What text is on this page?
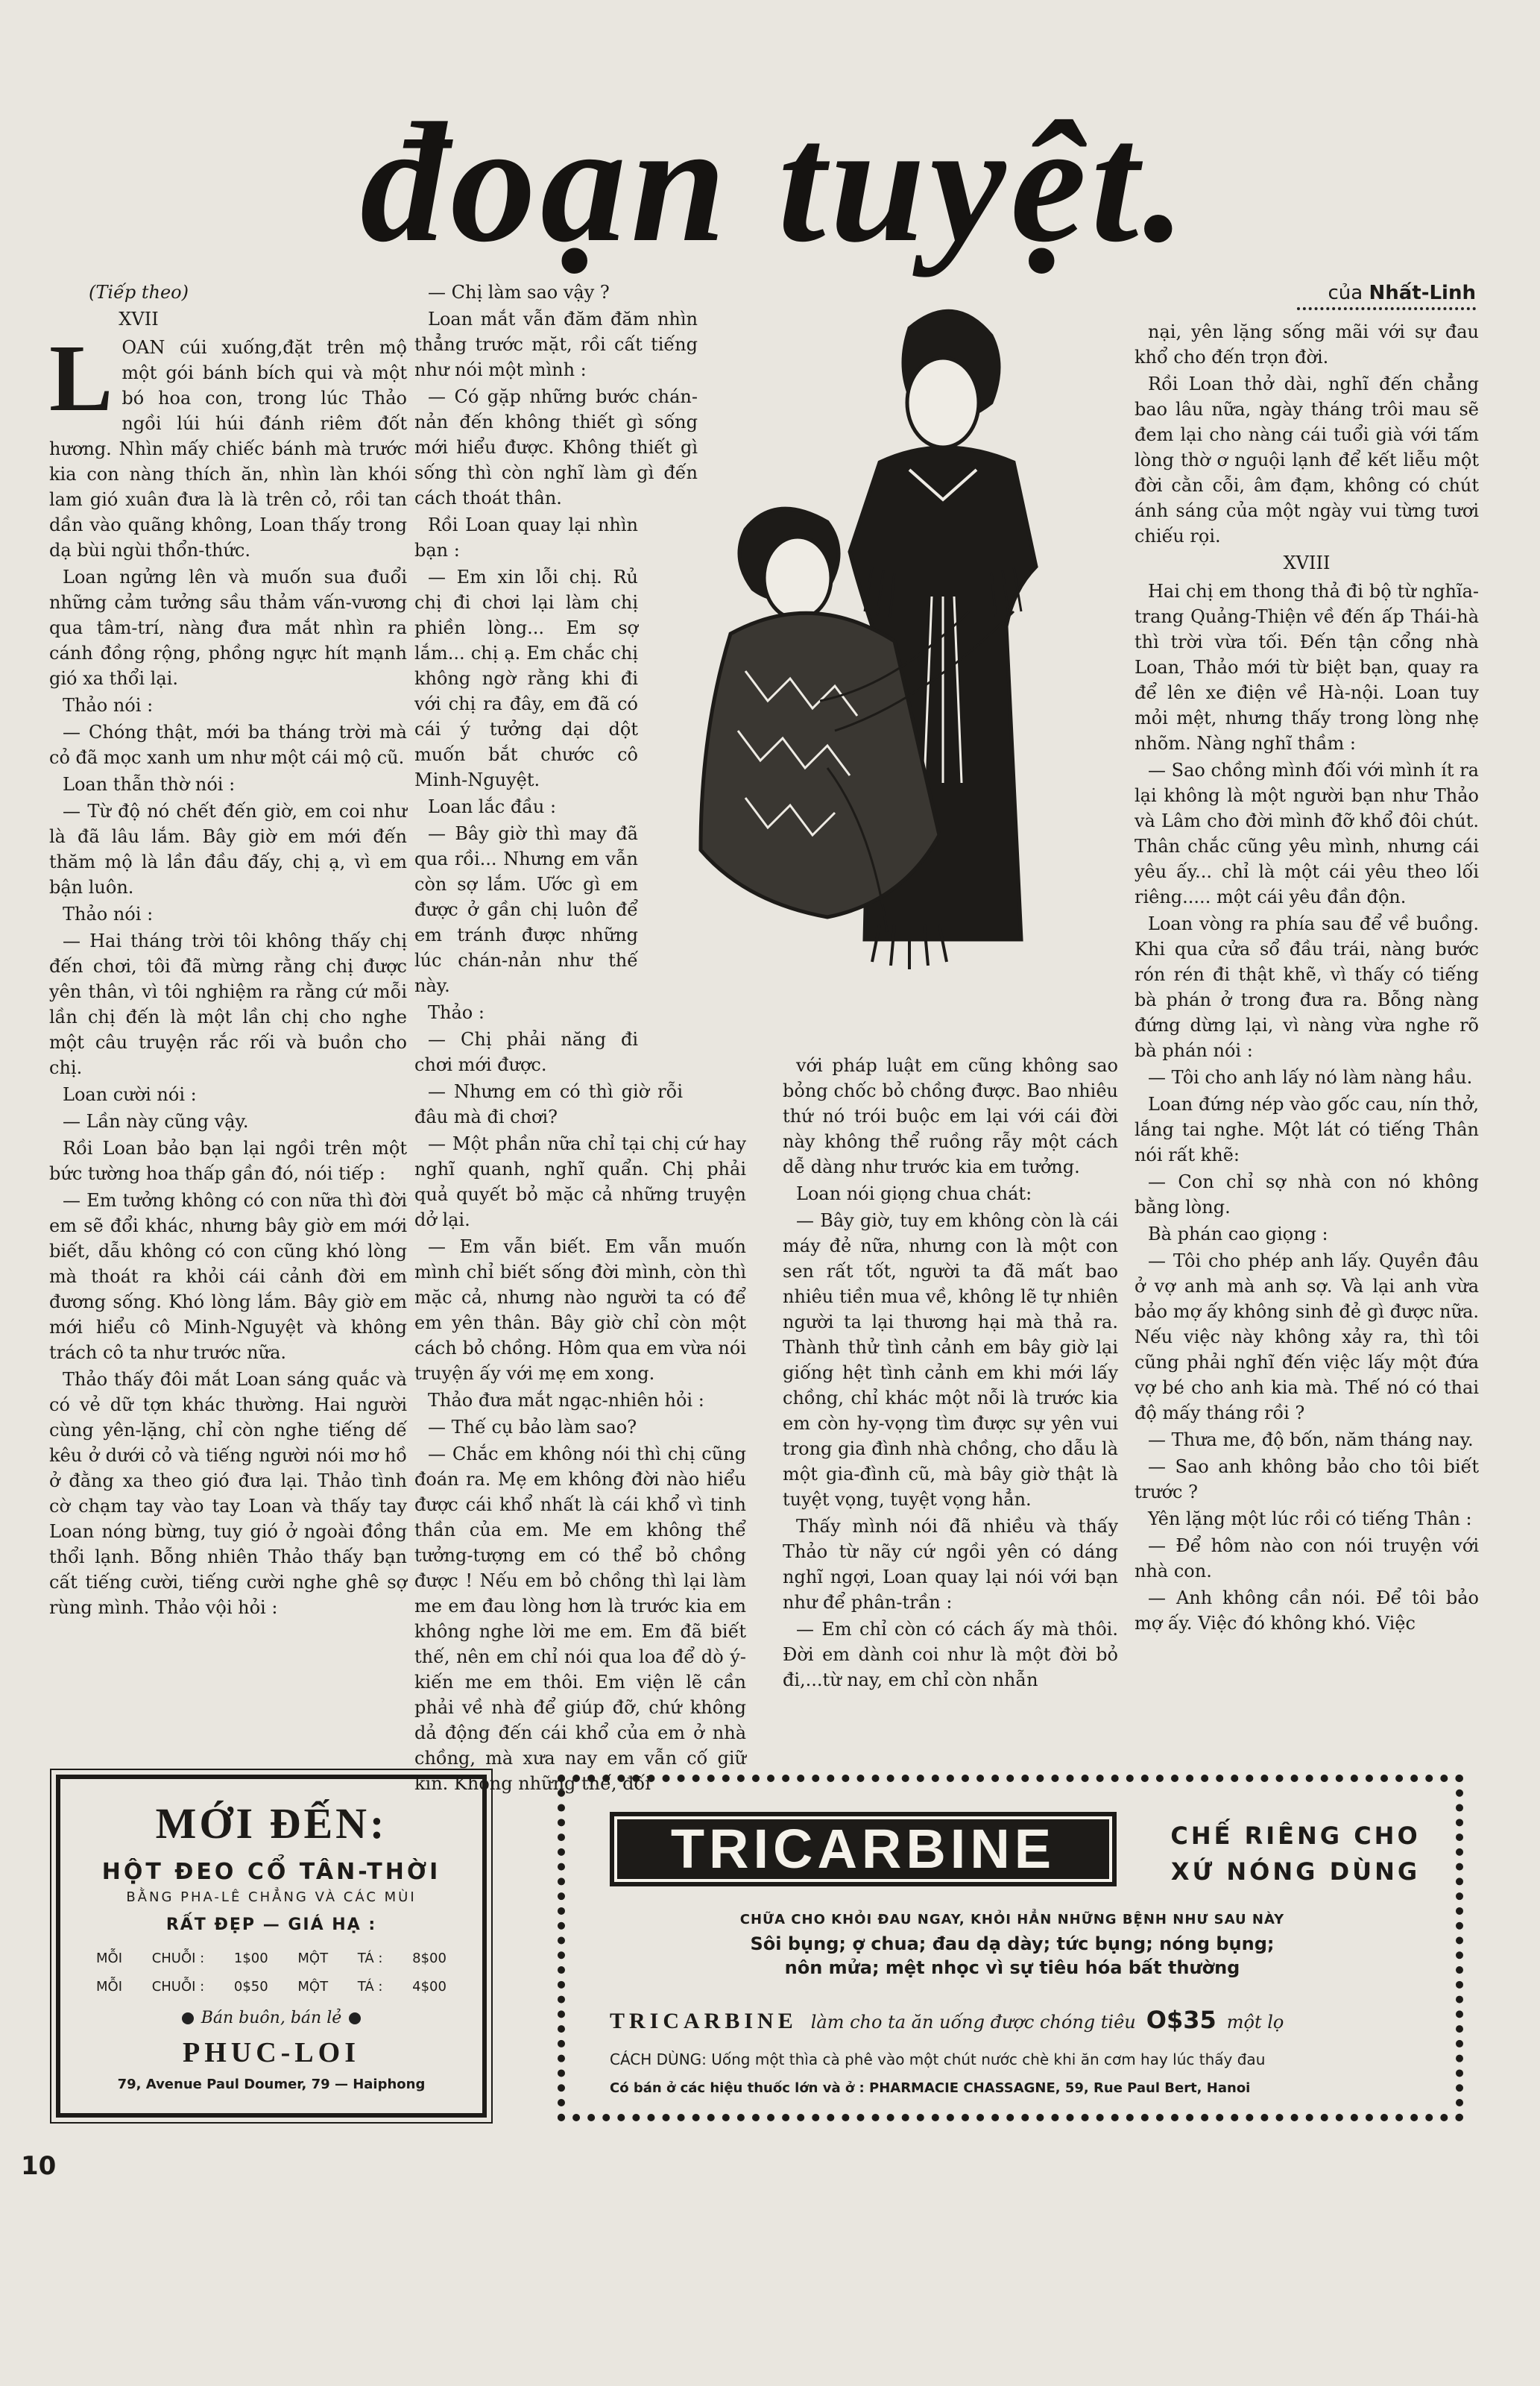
đoạn tuyệt.
của Nhất-Linh
(Tiếp theo)
XVII

LOAN cúi xuống,đặt trên mộ một gói bánh bích qui và một bó hoa con, trong lúc Thảo ngồi lúi húi đánh riêm đốt hương. Nhìn mấy chiếc bánh mà trước kia con nàng thích ăn, nhìn làn khói lam gió xuân đưa là là trên cỏ, rồi tan dần vào quãng không, Loan thấy trong dạ bùi ngùi thổn-thức.

Loan ngửng lên và muốn sua đuổi những cảm tưởng sầu thảm vấn-vương qua tâm-trí, nàng đưa mắt nhìn ra cánh đồng rộng, phồng ngực hít mạnh gió xa thổi lại.

Thảo nói :

— Chóng thật, mới ba tháng trời mà cỏ đã mọc xanh um như một cái mộ cũ.

Loan thẫn thờ nói :

— Từ độ nó chết đến giờ, em coi như là đã lâu lắm. Bây giờ em mới đến thăm mộ là lần đầu đấy, chị ạ, vì em bận luôn.

Thảo nói :

— Hai tháng trời tôi không thấy chị đến chơi, tôi đã mừng rằng chị được yên thân, vì tôi nghiệm ra rằng cứ mỗi lần chị đến là một lần chị cho nghe một câu truyện rắc rối và buồn cho chị.

Loan cười nói :

— Lần này cũng vậy.

Rồi Loan bảo bạn lại ngồi trên một bức tường hoa thấp gần đó, nói tiếp :

— Em tưởng không có con nữa thì đời em sẽ đổi khác, nhưng bây giờ em mới biết, dẫu không có con cũng khó lòng mà thoát ra khỏi cái cảnh đời em đương sống. Khó lòng lắm. Bây giờ em mới hiểu cô Minh-Nguyệt và không trách cô ta như trước nữa.

Thảo thấy đôi mắt Loan sáng quắc và có vẻ dữ tợn khác thường. Hai người cùng yên-lặng, chỉ còn nghe tiếng dế kêu ở dưới cỏ và tiếng người nói mơ hồ ở đằng xa theo gió đưa lại. Thảo tình cờ chạm tay vào tay Loan và thấy tay Loan nóng bừng, tuy gió ở ngoài đồng thổi lạnh. Bỗng nhiên Thảo thấy bạn cất tiếng cười, tiếng cười nghe ghê sợ rùng mình. Thảo vội hỏi :

— Chị làm sao vậy ?

Loan mắt vẫn đăm đăm nhìn thẳng trước mặt, rồi cất tiếng như nói một mình :

— Có gặp những bước chán-nản đến không thiết gì sống mới hiểu được. Không thiết gì sống thì còn nghĩ làm gì đến cách thoát thân.

Rồi Loan quay lại nhìn bạn :

— Em xin lỗi chị. Rủ chị đi chơi lại làm chị phiền lòng... Em sợ lắm... chị ạ. Em chắc chị không ngờ rằng khi đi với chị ra đây, em đã có cái ý tưởng dại dột muốn bắt chước cô Minh-Nguyệt.

Loan lắc đầu :

— Bây giờ thì may đã qua rồi... Nhưng em vẫn còn sợ lắm. Ước gì em được ở gần chị luôn để em tránh được những lúc chán-nản như thế này.

Thảo :

— Chị phải năng đi chơi mới được.

— Nhưng em có thì giờ rỗi đâu mà đi chơi?

— Một phần nữa chỉ tại chị cứ hay nghĩ quanh, nghĩ quẩn. Chị phải quả quyết bỏ mặc cả những truyện dở lại.

— Em vẫn biết. Em vẫn muốn mình chỉ biết sống đời mình, còn thì mặc cả, nhưng nào người ta có để em yên thân. Bây giờ chỉ còn một cách bỏ chồng. Hôm qua em vừa nói truyện ấy với mẹ em xong.

Thảo đưa mắt ngạc-nhiên hỏi :

— Thế cụ bảo làm sao?

— Chắc em không nói thì chị cũng đoán ra. Mẹ em không đời nào hiểu được cái khổ nhất là cái khổ vì tinh thần của em. Me em không thể tưởng-tượng em có thể bỏ chồng được ! Nếu em bỏ chồng thì lại làm me em đau lòng hơn là trước kia em không nghe lời me em. Em đã biết thế, nên em chỉ nói qua loa để dò ý-kiến me em thôi. Em viện lẽ cần phải về nhà để giúp đỡ, chứ không dả động đến cái khổ của em ở nhà chồng, mà xưa nay em vẫn cố giữ kín. Không những thế, đối

với pháp luật em cũng không sao bỏng chốc bỏ chồng được. Bao nhiêu thứ nó trói buộc em lại với cái đời này không thể ruồng rẫy một cách dễ dàng như trước kia em tưởng.

Loan nói giọng chua chát:

— Bây giờ, tuy em không còn là cái máy đẻ nữa, nhưng con là một con sen rất tốt, người ta đã mất bao nhiêu tiền mua về, không lẽ tự nhiên người ta lại thương hại mà thả ra. Thành thử tình cảnh em bây giờ lại giống hệt tình cảnh em khi mới lấy chồng, chỉ khác một nỗi là trước kia em còn hy-vọng tìm được sự yên vui trong gia đình nhà chồng, cho dẫu là một gia-đình cũ, mà bây giờ thật là tuyệt vọng, tuyệt vọng hẳn.

Thấy mình nói đã nhiều và thấy Thảo từ nãy cứ ngồi yên có dáng nghĩ ngợi, Loan quay lại nói với bạn như để phân-trần :

— Em chỉ còn có cách ấy mà thôi. Đời em dành coi như là một đời bỏ đi,...từ nay, em chỉ còn nhẫn

nại, yên lặng sống mãi với sự đau khổ cho đến trọn đời.

Rồi Loan thở dài, nghĩ đến chẳng bao lâu nữa, ngày tháng trôi mau sẽ đem lại cho nàng cái tuổi già với tấm lòng thờ ơ nguội lạnh để kết liễu một đời cằn cỗi, âm đạm, không có chút ánh sáng của một ngày vui từng tươi chiếu rọi.

XVIII

Hai chị em thong thả đi bộ từ nghĩa-trang Quảng-Thiện về đến ấp Thái-hà thì trời vừa tối. Đến tận cổng nhà Loan, Thảo mới từ biệt bạn, quay ra để lên xe điện về Hà-nội. Loan tuy mỏi mệt, nhưng thấy trong lòng nhẹ nhõm. Nàng nghĩ thầm :

— Sao chồng mình đối với mình ít ra lại không là một người bạn như Thảo và Lâm cho đời mình đỡ khổ đôi chút. Thân chắc cũng yêu mình, nhưng cái yêu ấy... chỉ là một cái yêu theo lối riêng..... một cái yêu đần độn.

Loan vòng ra phía sau để về buồng. Khi qua cửa sổ đầu trái, nàng bước rón rén đi thật khẽ, vì thấy có tiếng bà phán ở trong đưa ra. Bỗng nàng đứng dừng lại, vì nàng vừa nghe rõ bà phán nói :

— Tôi cho anh lấy nó làm nàng hầu.

Loan đứng nép vào gốc cau, nín thở, lắng tai nghe. Một lát có tiếng Thân nói rất khẽ:

— Con chỉ sợ nhà con nó không bằng lòng.

Bà phán cao giọng :

— Tôi cho phép anh lấy. Quyền đâu ở vợ anh mà anh sợ. Và lại anh vừa bảo mợ ấy không sinh đẻ gì được nữa. Nếu việc này không xảy ra, thì tôi cũng phải nghĩ đến việc lấy một đứa vợ bé cho anh kia mà. Thế nó có thai độ mấy tháng rồi ?

— Thưa me, độ bốn, năm tháng nay.

— Sao anh không bảo cho tôi biết trước ?

Yên lặng một lúc rồi có tiếng Thân :

— Để hôm nào con nói truyện với nhà con.

— Anh không cần nói. Để tôi bảo mợ ấy. Việc đó không khó. Việc

MỚI ĐẾN:
HỘT ĐEO CỔ TÂN-THỜI
BẰNG PHA-LÊ CHẲNG VÀ CÁC MÙI
RẤT ĐẸP — GIÁ HẠ :
MỖI CHUỖI : 1$00 MỘT TÁ : 8$00
MỖI CHUỖI : 0$50 MỘT TÁ : 4$00
Bán buôn, bán lẻ
PHUC-LOI
79, Avenue Paul Doumer, 79 — Haiphong
TRICARBINE	CHẾ RIÊNG CHO
XỨ NÓNG DÙNG
CHỮA CHO KHỎI ĐAU NGAY, KHỎI HẲN NHỮNG BỆNH NHƯ SAU NÀY
Sôi bụng; ợ chua; đau dạ dày; tức bụng; nóng bụng;
nôn mửa; mệt nhọc vì sự tiêu hóa bất thường
TRICARBINE làm cho ta ăn uống được chóng tiêu O$35 một lọ
CÁCH DÙNG: Uống một thìa cà phê vào một chút nước chè khi ăn cơm hay lúc thấy đau
Có bán ở các hiệu thuốc lớn và ở : PHARMACIE CHASSAGNE, 59, Rue Paul Bert, Hanoi
10
